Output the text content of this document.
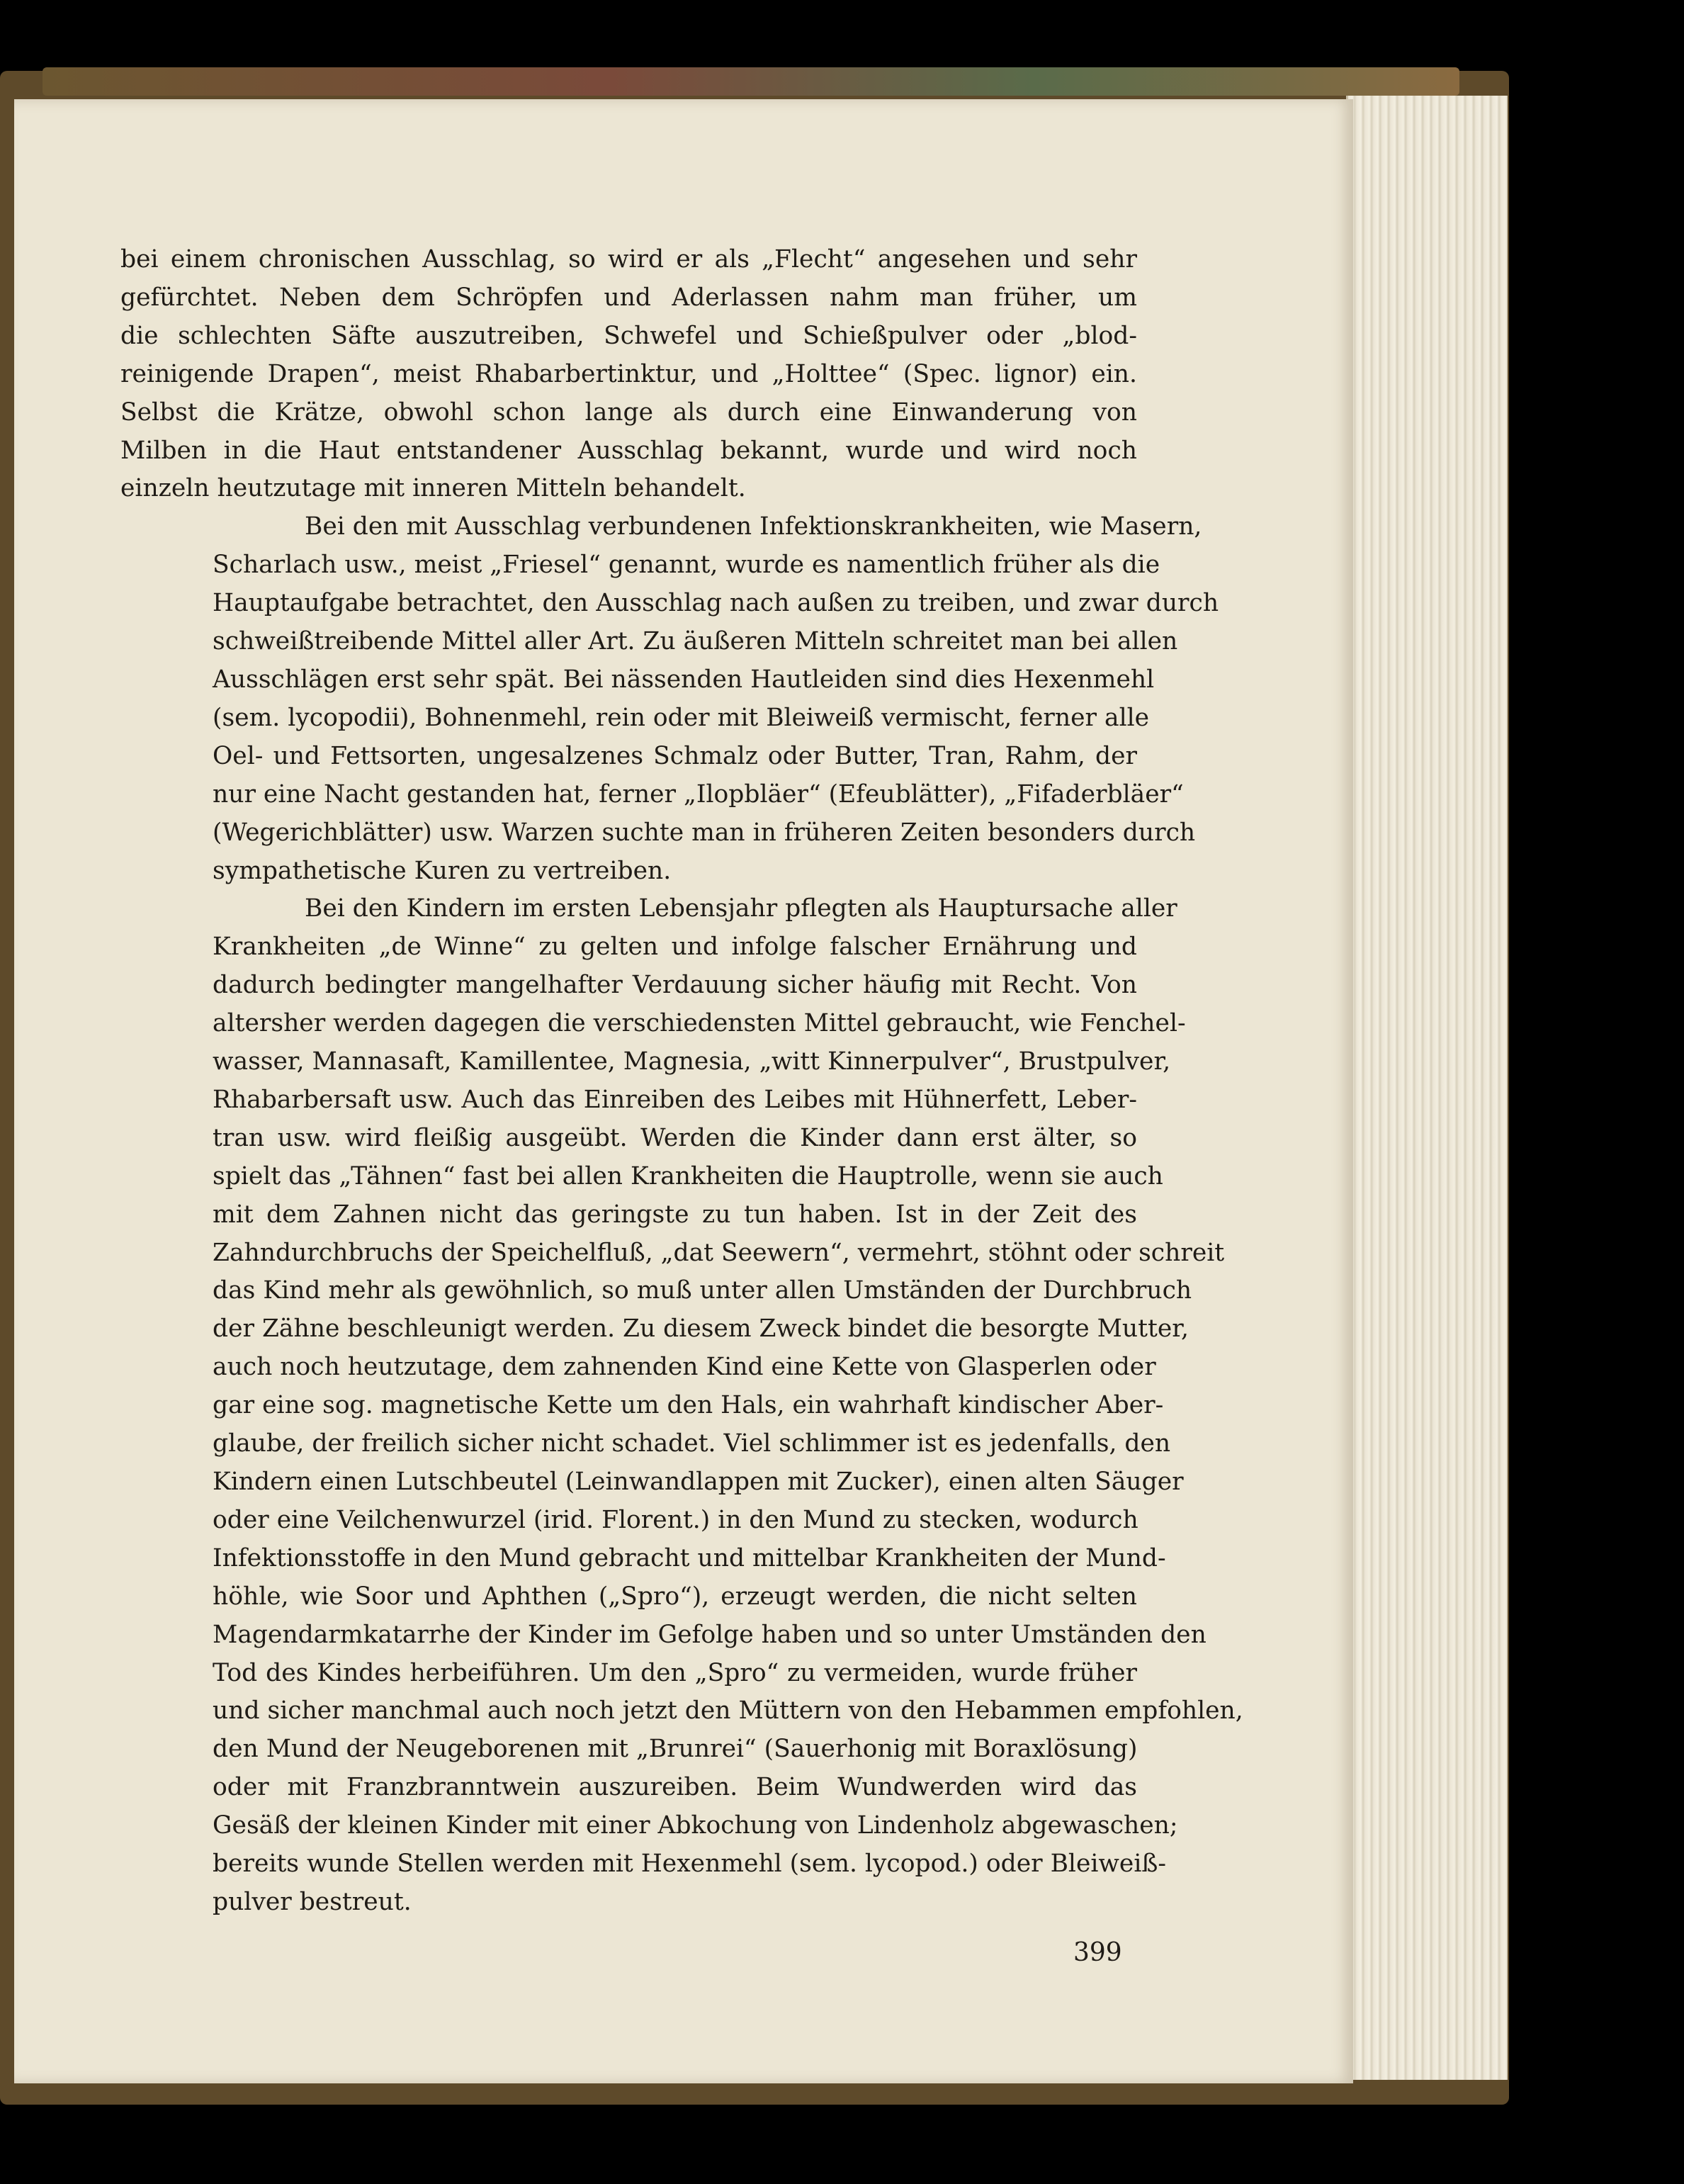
bei einem chronischen Ausschlag, so wird er als „Flecht“ angesehen und sehr
gefürchtet. Neben dem Schröpfen und Aderlassen nahm man früher, um
die schlechten Säfte auszutreiben, Schwefel und Schießpulver oder „blod-
reinigende Drapen“, meist Rhabarbertinktur, und „Holttee“ (Spec. lignor) ein.
Selbst die Krätze, obwohl schon lange als durch eine Einwanderung von
Milben in die Haut entstandener Ausschlag bekannt, wurde und wird noch
einzeln heutzutage mit inneren Mitteln behandelt.
Bei den mit Ausschlag verbundenen Infektionskrankheiten, wie Masern,
Scharlach usw., meist „Friesel“ genannt, wurde es namentlich früher als die
Hauptaufgabe betrachtet, den Ausschlag nach außen zu treiben, und zwar durch
schweißtreibende Mittel aller Art. Zu äußeren Mitteln schreitet man bei allen
Ausschlägen erst sehr spät. Bei nässenden Hautleiden sind dies Hexenmehl
(sem. lycopodii), Bohnenmehl, rein oder mit Bleiweiß vermischt, ferner alle
Oel- und Fettsorten, ungesalzenes Schmalz oder Butter, Tran, Rahm, der
nur eine Nacht gestanden hat, ferner „Ilopbläer“ (Efeublätter), „Fifaderbläer“
(Wegerichblätter) usw. Warzen suchte man in früheren Zeiten besonders durch
sympathetische Kuren zu vertreiben.
Bei den Kindern im ersten Lebensjahr pflegten als Hauptursache aller
Krankheiten „de Winne“ zu gelten und infolge falscher Ernährung und
dadurch bedingter mangelhafter Verdauung sicher häufig mit Recht. Von
altersher werden dagegen die verschiedensten Mittel gebraucht, wie Fenchel-
wasser, Mannasaft, Kamillentee, Magnesia, „witt Kinnerpulver“, Brustpulver,
Rhabarbersaft usw. Auch das Einreiben des Leibes mit Hühnerfett, Leber-
tran usw. wird fleißig ausgeübt. Werden die Kinder dann erst älter, so
spielt das „Tähnen“ fast bei allen Krankheiten die Hauptrolle, wenn sie auch
mit dem Zahnen nicht das geringste zu tun haben. Ist in der Zeit des
Zahndurchbruchs der Speichelfluß, „dat Seewern“, vermehrt, stöhnt oder schreit
das Kind mehr als gewöhnlich, so muß unter allen Umständen der Durchbruch
der Zähne beschleunigt werden. Zu diesem Zweck bindet die besorgte Mutter,
auch noch heutzutage, dem zahnenden Kind eine Kette von Glasperlen oder
gar eine sog. magnetische Kette um den Hals, ein wahrhaft kindischer Aber-
glaube, der freilich sicher nicht schadet. Viel schlimmer ist es jedenfalls, den
Kindern einen Lutschbeutel (Leinwandlappen mit Zucker), einen alten Säuger
oder eine Veilchenwurzel (irid. Florent.) in den Mund zu stecken, wodurch
Infektionsstoffe in den Mund gebracht und mittelbar Krankheiten der Mund-
höhle, wie Soor und Aphthen („Spro“), erzeugt werden, die nicht selten
Magendarmkatarrhe der Kinder im Gefolge haben und so unter Umständen den
Tod des Kindes herbeiführen. Um den „Spro“ zu vermeiden, wurde früher
und sicher manchmal auch noch jetzt den Müttern von den Hebammen empfohlen,
den Mund der Neugeborenen mit „Brunrei“ (Sauerhonig mit Boraxlösung)
oder mit Franzbranntwein auszureiben. Beim Wundwerden wird das
Gesäß der kleinen Kinder mit einer Abkochung von Lindenholz abgewaschen;
bereits wunde Stellen werden mit Hexenmehl (sem. lycopod.) oder Bleiweiß-
pulver bestreut.
399
